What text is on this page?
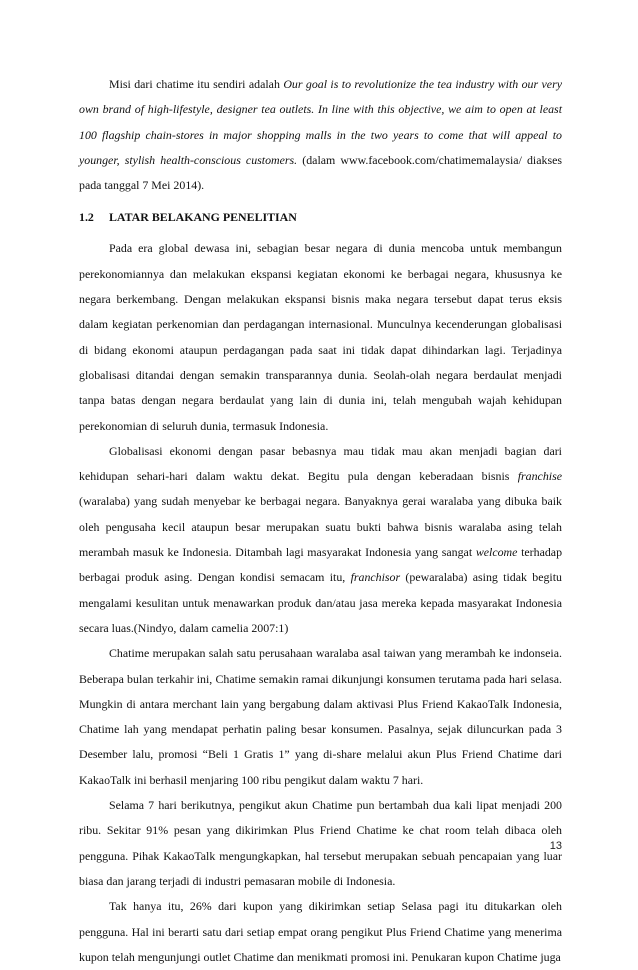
Misi dari chatime itu sendiri adalah Our goal is to revolutionize the tea industry with our very own brand of high-lifestyle, designer tea outlets. In line with this objective, we aim to open at least 100 flagship chain-stores in major shopping malls in the two years to come that will appeal to younger, stylish health-conscious customers. (dalam www.facebook.com/chatimemalaysia/ diakses pada tanggal 7 Mei 2014).

1.2 LATAR BELAKANG PENELITIAN

Pada era global dewasa ini, sebagian besar negara di dunia mencoba untuk membangun perekonomiannya dan melakukan ekspansi kegiatan ekonomi ke berbagai negara, khususnya ke negara berkembang. Dengan melakukan ekspansi bisnis maka negara tersebut dapat terus eksis dalam kegiatan perkenomian dan perdagangan internasional. Munculnya kecenderungan globalisasi di bidang ekonomi ataupun perdagangan pada saat ini tidak dapat dihindarkan lagi. Terjadinya globalisasi ditandai dengan semakin transparannya dunia. Seolah-olah negara berdaulat menjadi tanpa batas dengan negara berdaulat yang lain di dunia ini, telah mengubah wajah kehidupan perekonomian di seluruh dunia, termasuk Indonesia.

Globalisasi ekonomi dengan pasar bebasnya mau tidak mau akan menjadi bagian dari kehidupan sehari-hari dalam waktu dekat. Begitu pula dengan keberadaan bisnis franchise (waralaba) yang sudah menyebar ke berbagai negara. Banyaknya gerai waralaba yang dibuka baik oleh pengusaha kecil ataupun besar merupakan suatu bukti bahwa bisnis waralaba asing telah merambah masuk ke Indonesia. Ditambah lagi masyarakat Indonesia yang sangat welcome terhadap berbagai produk asing. Dengan kondisi semacam itu, franchisor (pewaralaba) asing tidak begitu mengalami kesulitan untuk menawarkan produk dan/atau jasa mereka kepada masyarakat Indonesia secara luas.(Nindyo, dalam camelia 2007:1)

Chatime merupakan salah satu perusahaan waralaba asal taiwan yang merambah ke indonseia. Beberapa bulan terkahir ini, Chatime semakin ramai dikunjungi konsumen terutama pada hari selasa. Mungkin di antara merchant lain yang bergabung dalam aktivasi Plus Friend KakaoTalk Indonesia, Chatime lah yang mendapat perhatin paling besar konsumen. Pasalnya, sejak diluncurkan pada 3 Desember lalu, promosi “Beli 1 Gratis 1” yang di-share melalui akun Plus Friend Chatime dari KakaoTalk ini berhasil menjaring 100 ribu pengikut dalam waktu 7 hari.

Selama 7 hari berikutnya, pengikut akun Chatime pun bertambah dua kali lipat menjadi 200 ribu. Sekitar 91% pesan yang dikirimkan Plus Friend Chatime ke chat room telah dibaca oleh pengguna. Pihak KakaoTalk mengungkapkan, hal tersebut merupakan sebuah pencapaian yang luar biasa dan jarang terjadi di industri pemasaran mobile di Indonesia.

Tak hanya itu, 26% dari kupon yang dikirimkan setiap Selasa pagi itu ditukarkan oleh pengguna. Hal ini berarti satu dari setiap empat orang pengikut Plus Friend Chatime yang menerima kupon telah mengunjungi outlet Chatime dan menikmati promosi ini. Penukaran kupon Chatime juga

13
